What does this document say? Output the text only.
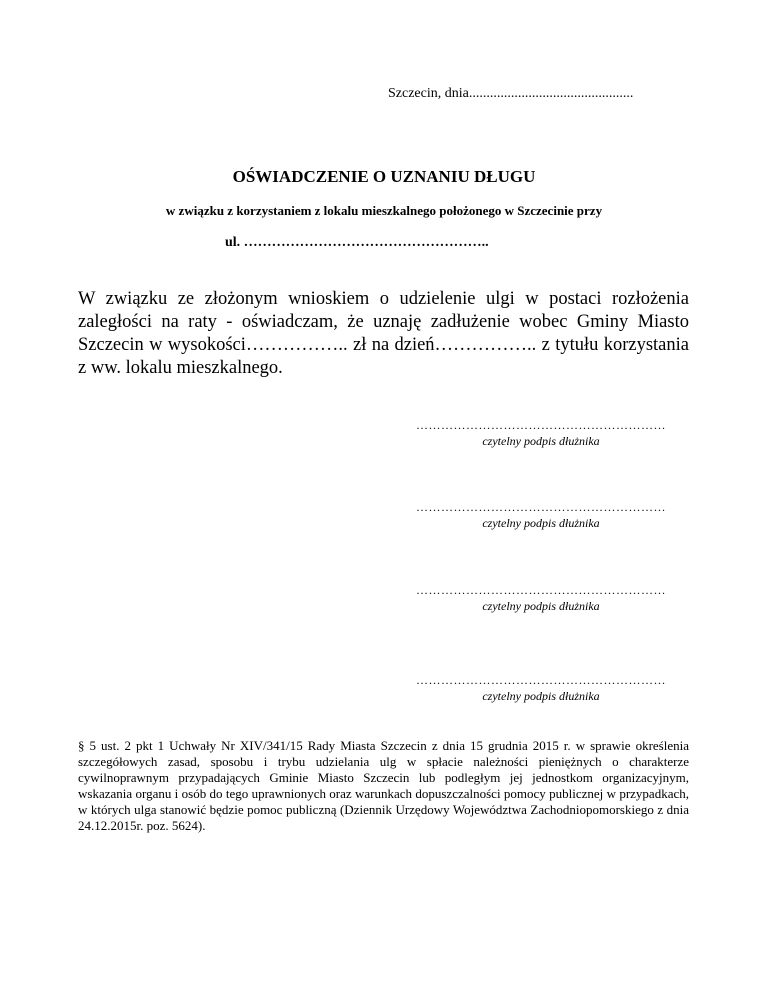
Szczecin, dnia...............................................
OŚWIADCZENIE O UZNANIU DŁUGU
w związku z korzystaniem z lokalu mieszkalnego położonego w Szczecinie przy
ul. ……………………………………………..
W związku ze złożonym wnioskiem o udzielenie ulgi w postaci rozłożenia zaległości na raty - oświadczam, że uznaję zadłużenie wobec Gminy Miasto Szczecin w wysokości…………….. zł na dzień…………….. z tytułu korzystania z ww. lokalu mieszkalnego.
……………………………………………………
czytelny podpis dłużnika
……………………………………………………
czytelny podpis dłużnika
……………………………………………………
czytelny podpis dłużnika
……………………………………………………
czytelny podpis dłużnika
§ 5 ust. 2 pkt 1 Uchwały Nr XIV/341/15 Rady Miasta Szczecin z dnia 15 grudnia 2015 r. w sprawie określenia szczegółowych zasad, sposobu i trybu udzielania ulg w spłacie należności pieniężnych o charakterze cywilnoprawnym przypadających Gminie Miasto Szczecin lub podległym jej jednostkom organizacyjnym, wskazania organu i osób do tego uprawnionych oraz warunkach dopuszczalności pomocy publicznej w przypadkach, w których ulga stanowić będzie pomoc publiczną (Dziennik Urzędowy Województwa Zachodniopomorskiego z dnia 24.12.2015r. poz. 5624).
